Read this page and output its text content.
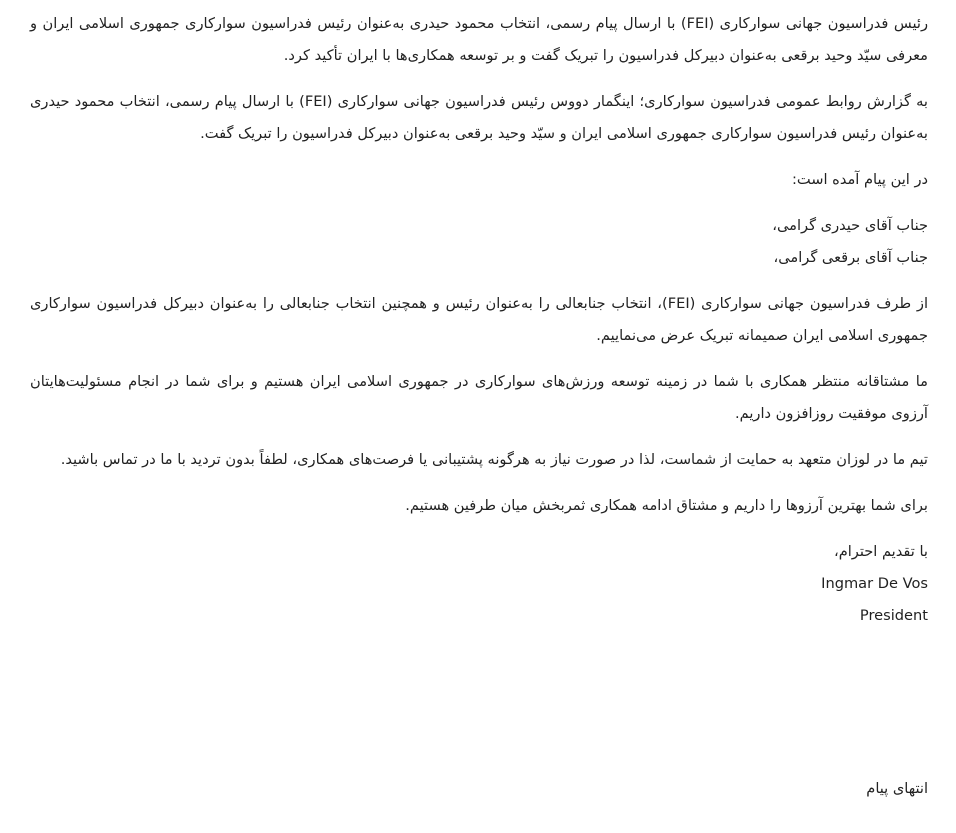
رئیس فدراسیون جهانی سوارکاری (FEI) با ارسال پیام رسمی، انتخاب محمود حیدری به‌عنوان رئیس فدراسیون سوارکاری جمهوری اسلامی ایران و معرفی سیّد وحید برقعی به‌عنوان دبیرکل فدراسیون را تبریک گفت و بر توسعه همکاری‌ها با ایران تأکید کرد.

به گزارش روابط عمومی فدراسیون سوارکاری؛ اینگمار دووس رئیس فدراسیون جهانی سوارکاری (FEI) با ارسال پیام رسمی، انتخاب محمود حیدری به‌عنوان رئیس فدراسیون سوارکاری جمهوری اسلامی ایران و سیّد وحید برقعی به‌عنوان دبیرکل فدراسیون را تبریک گفت.

در این پیام آمده است:

جناب آقای حیدری گرامی،
جناب آقای برقعی گرامی،

از طرف فدراسیون جهانی سوارکاری (FEI)، انتخاب جنابعالی را به‌عنوان رئیس و همچنین انتخاب جنابعالی را به‌عنوان دبیرکل فدراسیون سوارکاری جمهوری اسلامی ایران صمیمانه تبریک عرض می‌نماییم.

ما مشتاقانه منتظر همکاری با شما در زمینه توسعه ورزش‌های سوارکاری در جمهوری اسلامی ایران هستیم و برای شما در انجام مسئولیت‌هایتان آرزوی موفقیت روزافزون داریم.

تیم ما در لوزان متعهد به حمایت از شماست، لذا در صورت نیاز به هرگونه پشتیبانی یا فرصت‌های همکاری، لطفاً بدون تردید با ما در تماس باشید.

برای شما بهترین آرزوها را داریم و مشتاق ادامه همکاری ثمربخش میان طرفین هستیم.

با تقدیم احترام،

Ingmar De Vos

President

انتهای پیام
